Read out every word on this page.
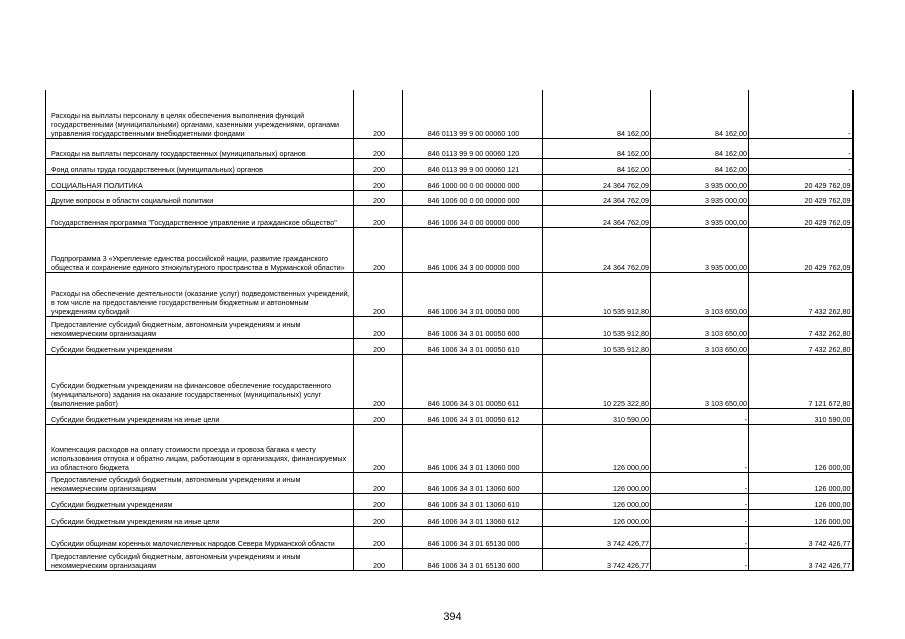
Расходы на выплаты персоналу в целях обеспечения выполнения функций государственными (муниципальными) органами, казенными учреждениями, органами управления государственными внебюджетными фондами	200	846 0113 99 9 00 00060 100	84 162,00	84 162,00	-
Расходы на выплаты персоналу государственных (муниципальных) органов	200	846 0113 99 9 00 00060 120	84 162,00	84 162,00	-
Фонд оплаты труда государственных (муниципальных) органов	200	846 0113 99 9 00 00060 121	84 162,00	84 162,00	-
СОЦИАЛЬНАЯ ПОЛИТИКА	200	846 1000 00 0 00 00000 000	24 364 762,09	3 935 000,00	20 429 762,09
Другие вопросы в области социальной политики	200	846 1006 00 0 00 00000 000	24 364 762,09	3 935 000,00	20 429 762,09
Государственная программа "Государственное управление и гражданское общество"	200	846 1006 34 0 00 00000 000	24 364 762,09	3 935 000,00	20 429 762,09
Подпрограмма 3 «Укрепление единства российской нации, развитие гражданского общества и сохранение единого этнокультурного пространства в Мурманской области»	200	846 1006 34 3 00 00000 000	24 364 762,09	3 935 000,00	20 429 762,09
Расходы на обеспечение деятельности (оказание услуг) подведомственных учреждений, в том числе на предоставление государственным бюджетным и автономным учреждениям субсидий	200	846 1006 34 3 01 00050 000	10 535 912,80	3 103 650,00	7 432 262,80
Предоставление субсидий бюджетным, автономным учреждениям и иным некоммерческим организациям	200	846 1006 34 3 01 00050 600	10 535 912,80	3 103 650,00	7 432 262,80
Субсидии бюджетным учреждениям	200	846 1006 34 3 01 00050 610	10 535 912,80	3 103 650,00	7 432 262,80
Субсидии бюджетным учреждениям на финансовое обеспечение государственного (муниципального) задания на оказание государственных (муниципальных) услуг (выполнение работ)	200	846 1006 34 3 01 00050 611	10 225 322,80	3 103 650,00	7 121 672,80
Субсидии бюджетным учреждениям на иные цели	200	846 1006 34 3 01 00050 612	310 590,00	-	310 590,00
Компенсация расходов на оплату стоимости проезда и провоза багажа к месту использования отпуска и обратно лицам, работающим в организациях, финансируемых из областного бюджета	200	846 1006 34 3 01 13060 000	126 000,00	-	126 000,00
Предоставление субсидий бюджетным, автономным учреждениям и иным некоммерческим организациям	200	846 1006 34 3 01 13060 600	126 000,00	-	126 000,00
Субсидии бюджетным учреждениям	200	846 1006 34 3 01 13060 610	126 000,00	-	126 000,00
Субсидии бюджетным учреждениям на иные цели	200	846 1006 34 3 01 13060 612	126 000,00	-	126 000,00
Субсидии общинам коренных малочисленных народов Севера Мурманской области	200	846 1006 34 3 01 65130 000	3 742 426,77	-	3 742 426,77
Предоставление субсидий бюджетным, автономным учреждениям и иным некоммерческим организациям	200	846 1006 34 3 01 65130 600	3 742 426,77	-	3 742 426,77
394
